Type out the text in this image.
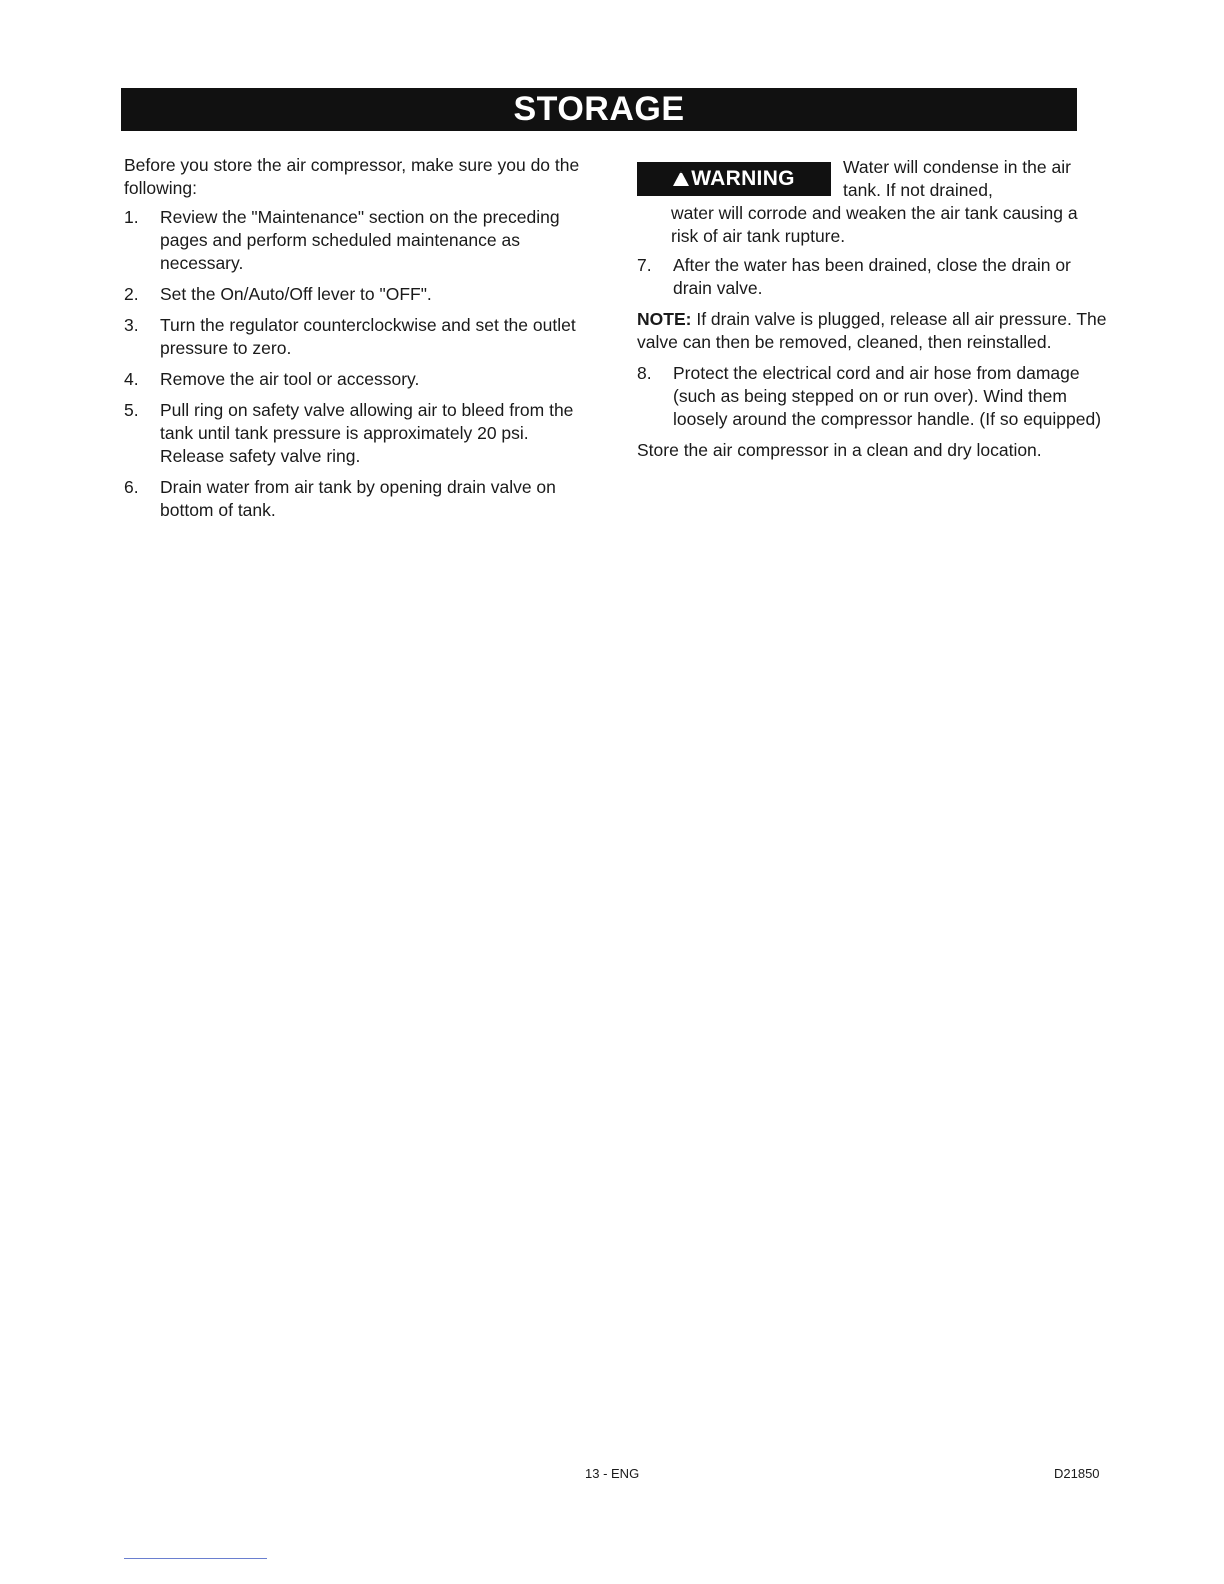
STORAGE

Before you store the air compressor, make sure you do the following:

1. Review the "Maintenance" section on the preceding pages and perform scheduled maintenance as necessary.
2. Set the On/Auto/Off lever to "OFF".
3. Turn the regulator counterclockwise and set the outlet pressure to zero.
4. Remove the air tool or accessory.
5. Pull ring on safety valve allowing air to bleed from the tank until tank pressure is approximately 20 psi. Release safety valve ring.
6. Drain water from air tank by opening drain valve on bottom of tank.
! WARNING	Water will condense in the air tank. If not drained,

water will corrode and weaken the air tank causing a risk of air tank rupture.

7. After the water has been drained, close the drain or drain valve.

NOTE: If drain valve is plugged, release all air pressure. The valve can then be removed, cleaned, then reinstalled.

8. Protect the electrical cord and air hose from damage (such as being stepped on or run over). Wind them loosely around the compressor handle. (If so equipped)

Store the air compressor in a clean and dry location.

13 - ENG	D21850
